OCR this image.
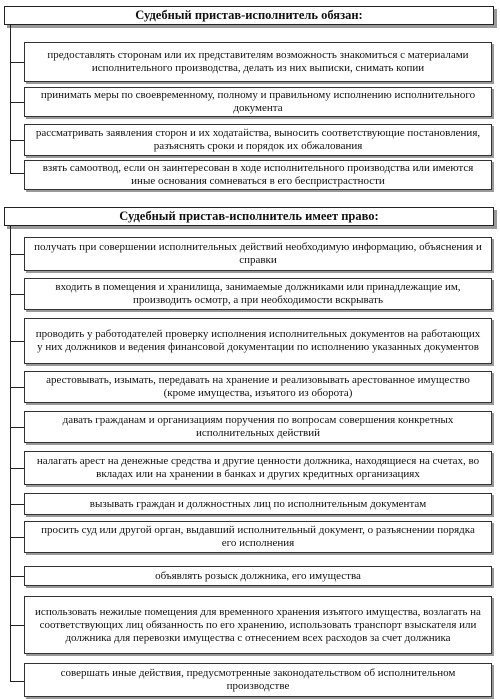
Судебный пристав-исполнитель обязан:
предоставлять сторонам или их представителям возможность знакомиться с материалами исполнительного производства, делать из них выписки, снимать копии
принимать меры по своевременному, полному и правильному исполнению исполнительного документа
рассматривать заявления сторон и их ходатайства, выносить соответствующие постановления, разъяснять сроки и порядок их обжалования
взять самоотвод, если он заинтересован в ходе исполнительного производства или имеются иные основания сомневаться в его беспристрастности
Судебный пристав-исполнитель имеет право:
получать при совершении исполнительных действий необходимую информацию, объяснения и справки
входить в помещения и хранилища, занимаемые должниками или принадлежащие им, производить осмотр, а при необходимости вскрывать
проводить у работодателей проверку исполнения исполнительных документов на работающих у них должников и ведения финансовой документации по исполнению указанных документов
арестовывать, изымать, передавать на хранение и реализовывать арестованное имущество (кроме имущества, изъятого из оборота)
давать гражданам и организациям поручения по вопросам совершения конкретных исполнительных действий
налагать арест на денежные средства и другие ценности должника, находящиеся на счетах, во вкладах или на хранении в банках и других кредитных организациях
вызывать граждан и должностных лиц по исполнительным документам
просить суд или другой орган, выдавший исполнительный документ, о разъяснении порядка его исполнения
объявлять розыск должника, его имущества
использовать нежилые помещения для временного хранения изъятого имущества, возлагать на соответствующих лиц обязанность по его хранению, использовать транспорт взыскателя или должника для перевозки имущества с отнесением всех расходов за счет должника
совершать иные действия, предусмотренные законодательством об исполнительном производстве
